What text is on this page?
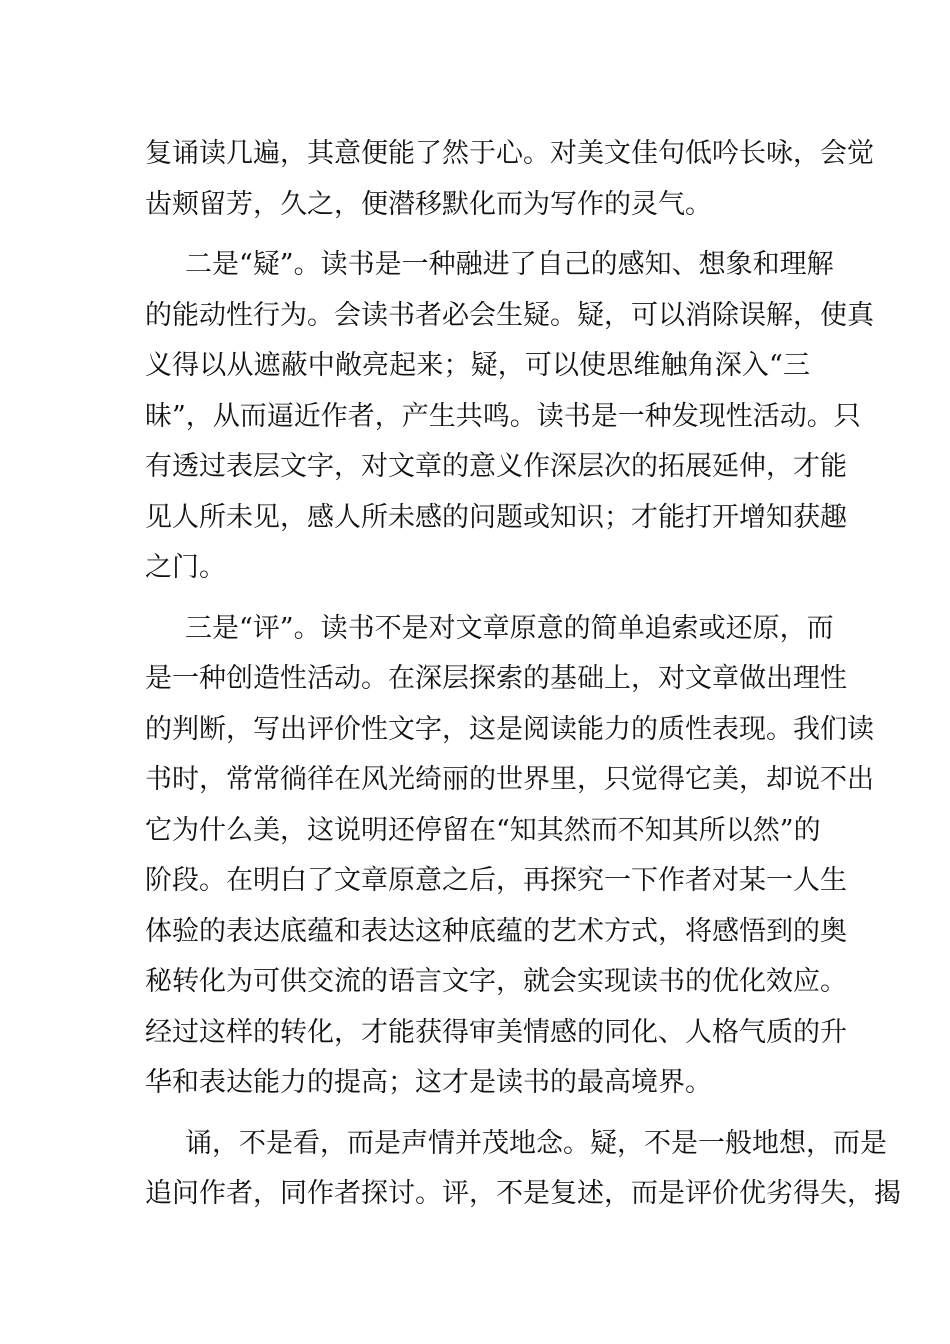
复诵读几遍，其意便能了然于心。对美文佳句低吟长咏，会觉
齿颊留芳，久之，便潜移默化而为写作的灵气。

二是“疑”。读书是一种融进了自己的感知、想象和理解
的能动性行为。会读书者必会生疑。疑，可以消除误解，使真
义得以从遮蔽中敞亮起来；疑，可以使思维触角深入“三
昧”，从而逼近作者，产生共鸣。读书是一种发现性活动。只
有透过表层文字，对文章的意义作深层次的拓展延伸，才能
见人所未见，感人所未感的问题或知识；才能打开增知获趣
之门。

三是“评”。读书不是对文章原意的简单追索或还原，而
是一种创造性活动。在深层探索的基础上，对文章做出理性
的判断，写出评价性文字，这是阅读能力的质性表现。我们读
书时，常常徜徉在风光绮丽的世界里，只觉得它美，却说不出
它为什么美，这说明还停留在“知其然而不知其所以然”的
阶段。在明白了文章原意之后，再探究一下作者对某一人生
体验的表达底蕴和表达这种底蕴的艺术方式，将感悟到的奥
秘转化为可供交流的语言文字，就会实现读书的优化效应。
经过这样的转化，才能获得审美情感的同化、人格气质的升
华和表达能力的提高；这才是读书的最高境界。

诵，不是看，而是声情并茂地念。疑，不是一般地想，而是
追问作者，同作者探讨。评，不是复述，而是评价优劣得失，揭
